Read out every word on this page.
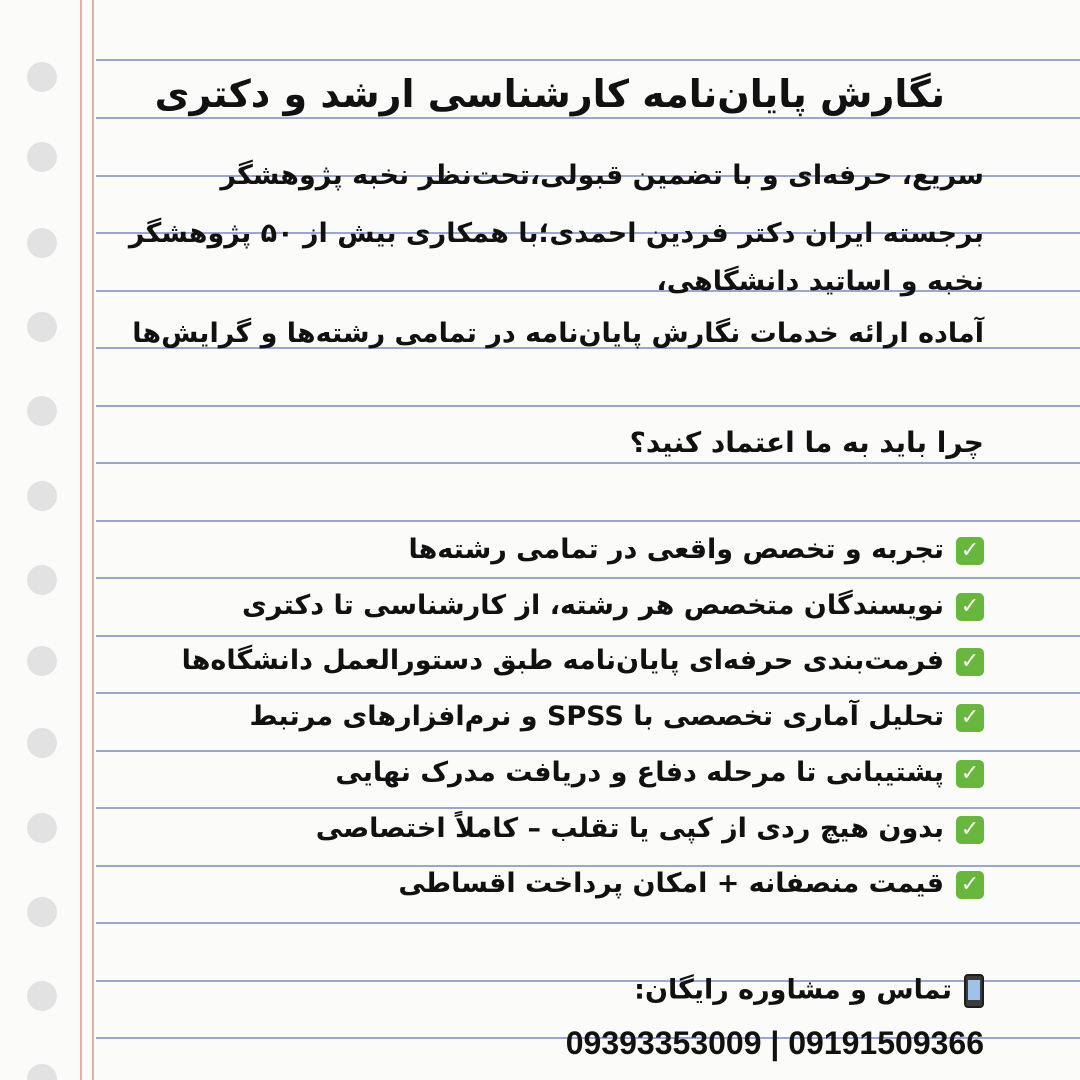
نگارش پایان‌نامه کارشناسی ارشد و دکتری
سریع، حرفه‌ای و با تضمین قبولی،تحت‌نظر نخبه پژوهشگر
برجسته ایران دکتر فردین احمدی؛با همکاری بیش از ۵۰ پژوهشگر
نخبه و اساتید دانشگاهی،
آماده ارائه خدمات نگارش پایان‌نامه در تمامی رشته‌ها و گرایش‌ها
چرا باید به ما اعتماد کنید؟
✓تجربه و تخصص واقعی در تمامی رشته‌ها
✓نویسندگان متخصص هر رشته، از کارشناسی تا دکتری
✓فرمت‌بندی حرفه‌ای پایان‌نامه طبق دستورالعمل دانشگاه‌ها
✓تحلیل آماری تخصصی با SPSS و نرم‌افزارهای مرتبط
✓پشتیبانی تا مرحله دفاع و دریافت مدرک نهایی
✓بدون هیچ ردی از کپی یا تقلب – کاملاً اختصاصی
✓قیمت منصفانه + امکان پرداخت اقساطی
تماس و مشاوره رایگان:
09393353009 | 09191509366
